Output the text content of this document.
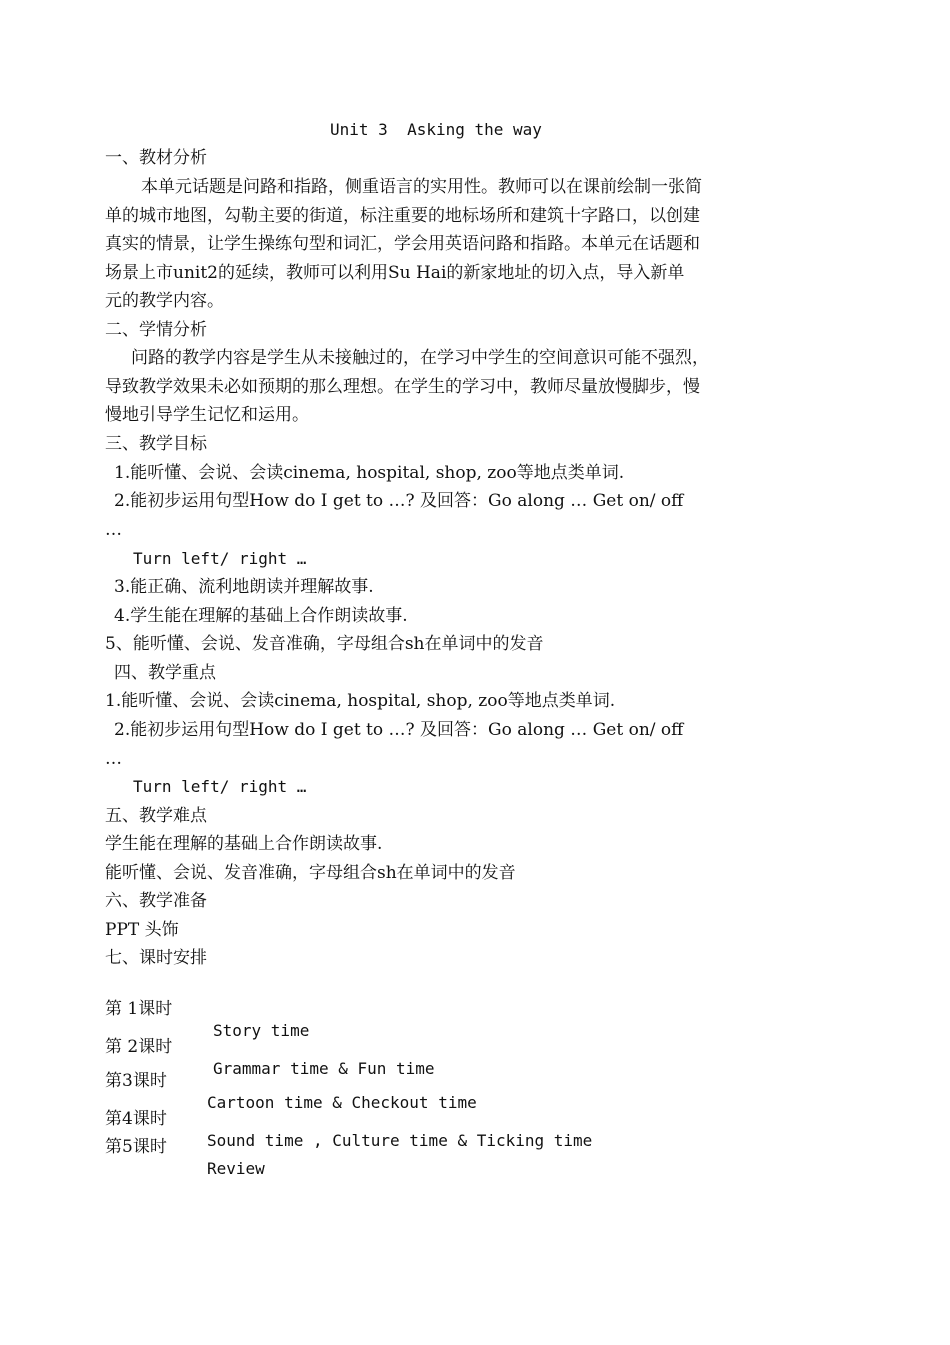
Unit 3  Asking the way
一、教材分析
本单元话题是问路和指路，侧重语言的实用性。教师可以在课前绘制一张简
单的城市地图，勾勒主要的街道，标注重要的地标场所和建筑十字路口，以创建
真实的情景，让学生操练句型和词汇，学会用英语问路和指路。本单元在话题和
场景上市unit2的延续，教师可以利用Su Hai的新家地址的切入点，导入新单
元的教学内容。
二、学情分析
问路的教学内容是学生从未接触过的，在学习中学生的空间意识可能不强烈，
导致教学效果未必如预期的那么理想。在学生的学习中，教师尽量放慢脚步，慢
慢地引导学生记忆和运用。
三、教学目标
1.能听懂、会说、会读cinema, hospital, shop, zoo等地点类单词.
2.能初步运用句型How do I get to …? 及回答：Go along … Get on/ off
…
Turn left/ right …
3.能正确、流利地朗读并理解故事.
4.学生能在理解的基础上合作朗读故事.
5、能听懂、会说、发音准确，字母组合sh在单词中的发音
四、教学重点
1.能听懂、会说、会读cinema, hospital, shop, zoo等地点类单词.
2.能初步运用句型How do I get to …? 及回答：Go along … Get on/ off
…
Turn left/ right …
五、教学难点
学生能在理解的基础上合作朗读故事.
能听懂、会说、发音准确，字母组合sh在单词中的发音
六、教学准备
PPT 头饰
七、课时安排

第 1课时

Story time

第 2课时

Grammar time & Fun time

第3课时

Cartoon time & Checkout time

第4课时

Sound time , Culture time & Ticking time

第5课时

Review
